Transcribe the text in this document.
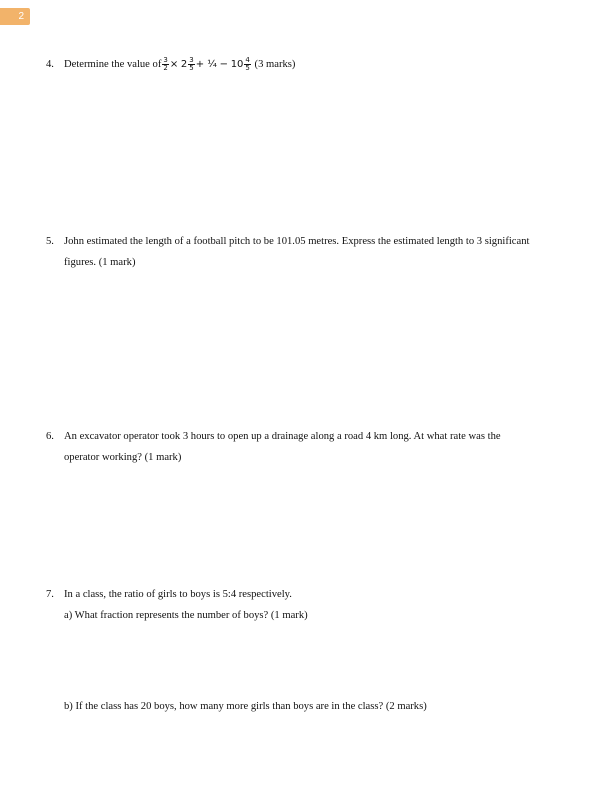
2
4. Determine the value of $\frac{3}{2} \times 2 \frac{3}{5}$ + ¼ − $10 \frac{4}{5} (3$ marks)
5. John estimated the length of a football pitch to be 101.05 metres. Express the estimated length to 3 significant
figures. (1 mark)
6. An excavator operator took 3 hours to open up a drainage along a road 4 km long. At what rate was the
operator working? (1 mark)
7. In a class, the ratio of girls to boys is 5:4 respectively.
a) What fraction represents the number of boys? (1 mark)
b) If the class has 20 boys, how many more girls than boys are in the class? (2 marks)
